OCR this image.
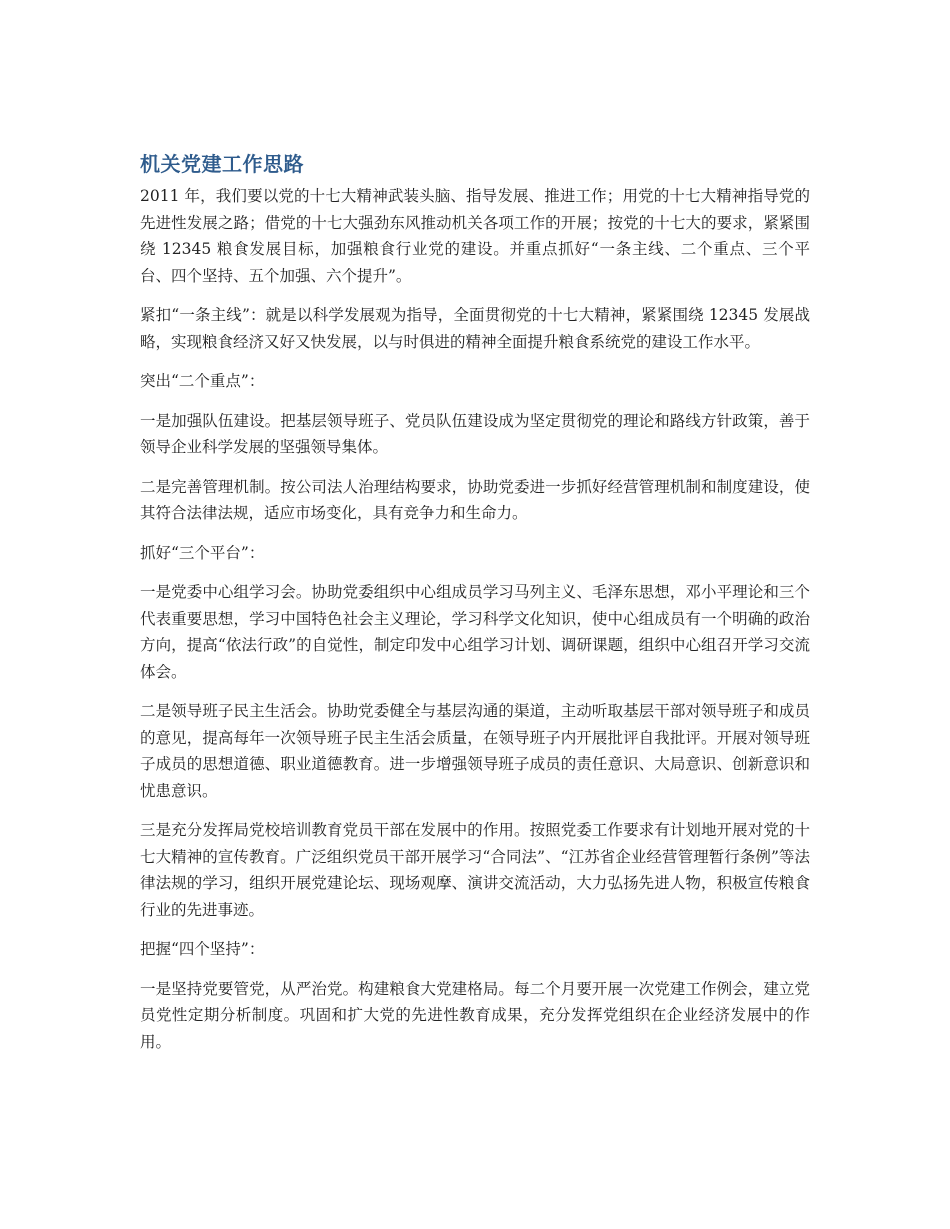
机关党建工作思路

2011 年，我们要以党的十七大精神武装头脑、指导发展、推进工作；用党的十七大精神指导党的先进性发展之路；借党的十七大强劲东风推动机关各项工作的开展；按党的十七大的要求，紧紧围绕 12345 粮食发展目标，加强粮食行业党的建设。并重点抓好“一条主线、二个重点、三个平台、四个坚持、五个加强、六个提升”。

紧扣“一条主线”：就是以科学发展观为指导，全面贯彻党的十七大精神，紧紧围绕 12345 发展战略，实现粮食经济又好又快发展，以与时俱进的精神全面提升粮食系统党的建设工作水平。

突出“二个重点”：

一是加强队伍建设。把基层领导班子、党员队伍建设成为坚定贯彻党的理论和路线方针政策，善于领导企业科学发展的坚强领导集体。

二是完善管理机制。按公司法人治理结构要求，协助党委进一步抓好经营管理机制和制度建设，使其符合法律法规，适应市场变化，具有竞争力和生命力。

抓好“三个平台”：

一是党委中心组学习会。协助党委组织中心组成员学习马列主义、毛泽东思想，邓小平理论和三个代表重要思想，学习中国特色社会主义理论，学习科学文化知识，使中心组成员有一个明确的政治方向，提高“依法行政”的自觉性，制定印发中心组学习计划、调研课题，组织中心组召开学习交流体会。

二是领导班子民主生活会。协助党委健全与基层沟通的渠道，主动听取基层干部对领导班子和成员的意见，提高每年一次领导班子民主生活会质量，在领导班子内开展批评自我批评。开展对领导班子成员的思想道德、职业道德教育。进一步增强领导班子成员的责任意识、大局意识、创新意识和忧患意识。

三是充分发挥局党校培训教育党员干部在发展中的作用。按照党委工作要求有计划地开展对党的十七大精神的宣传教育。广泛组织党员干部开展学习“合同法”、“江苏省企业经营管理暂行条例”等法律法规的学习，组织开展党建论坛、现场观摩、演讲交流活动，大力弘扬先进人物，积极宣传粮食行业的先进事迹。

把握“四个坚持”：

一是坚持党要管党，从严治党。构建粮食大党建格局。每二个月要开展一次党建工作例会，建立党员党性定期分析制度。巩固和扩大党的先进性教育成果，充分发挥党组织在企业经济发展中的作用。
